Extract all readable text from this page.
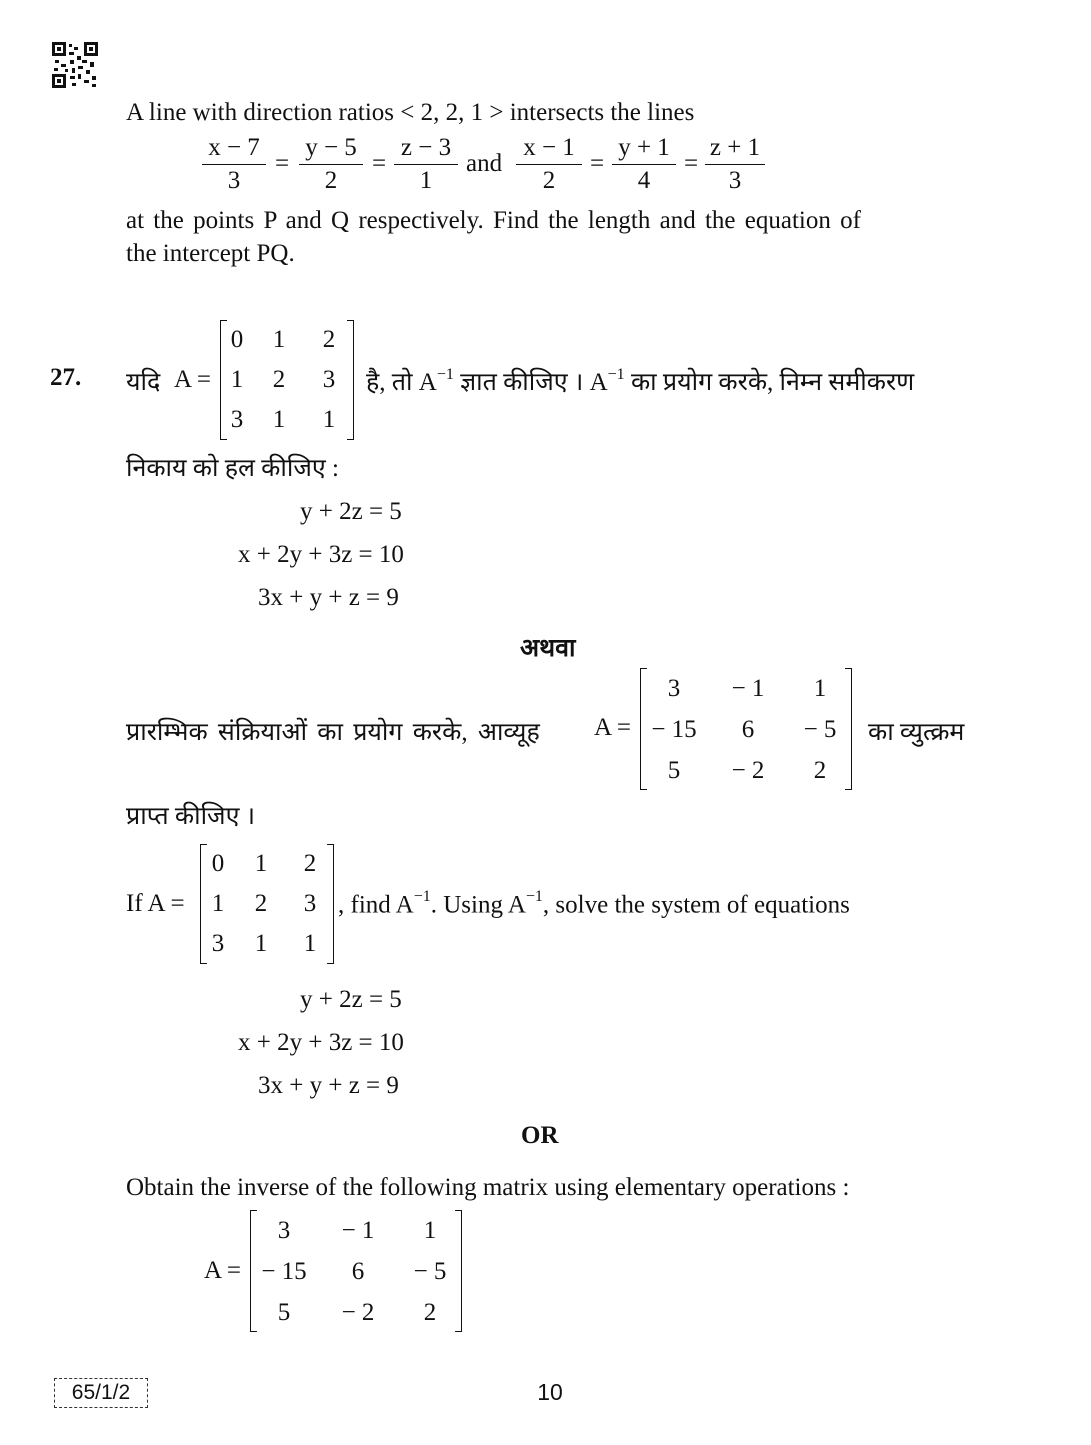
A line with direction ratios < 2, 2, 1 > intersects the lines
x − 7
3
=
y − 5
2
=
z − 3
1
and
x − 1
2
=
y + 1
4
=
z + 1
3
at the points P and Q respectively. Find the length and the equation of
the intercept PQ.
27. यदि A =
0	1	2
1	2	3
3	1	1
है, तो $A^{-1}$ ज्ञात कीजिए । $A^{-1}$ का प्रयोग करके, निम्न समीकरण
निकाय को हल कीजिए :
y + 2z = 5
x + 2y + 3z = 10
3x + y + z = 9
अथवा
प्रारम्भिक संक्रियाओं का प्रयोग करके, आव्यूह A =
3	− 1	1
− 15	6	− 5
5	− 2	2
का व्युत्क्रम
प्राप्त कीजिए ।
If A =
0	1	2
1	2	3
3	1	1
, find $A^{-1}$. Using $A^{-1}$, solve the system of equations
y + 2z = 5
x + 2y + 3z = 10
3x + y + z = 9
OR
Obtain the inverse of the following matrix using elementary operations :
A =
3	− 1	1
− 15	6	− 5
5	− 2	2
65/1/2	10
